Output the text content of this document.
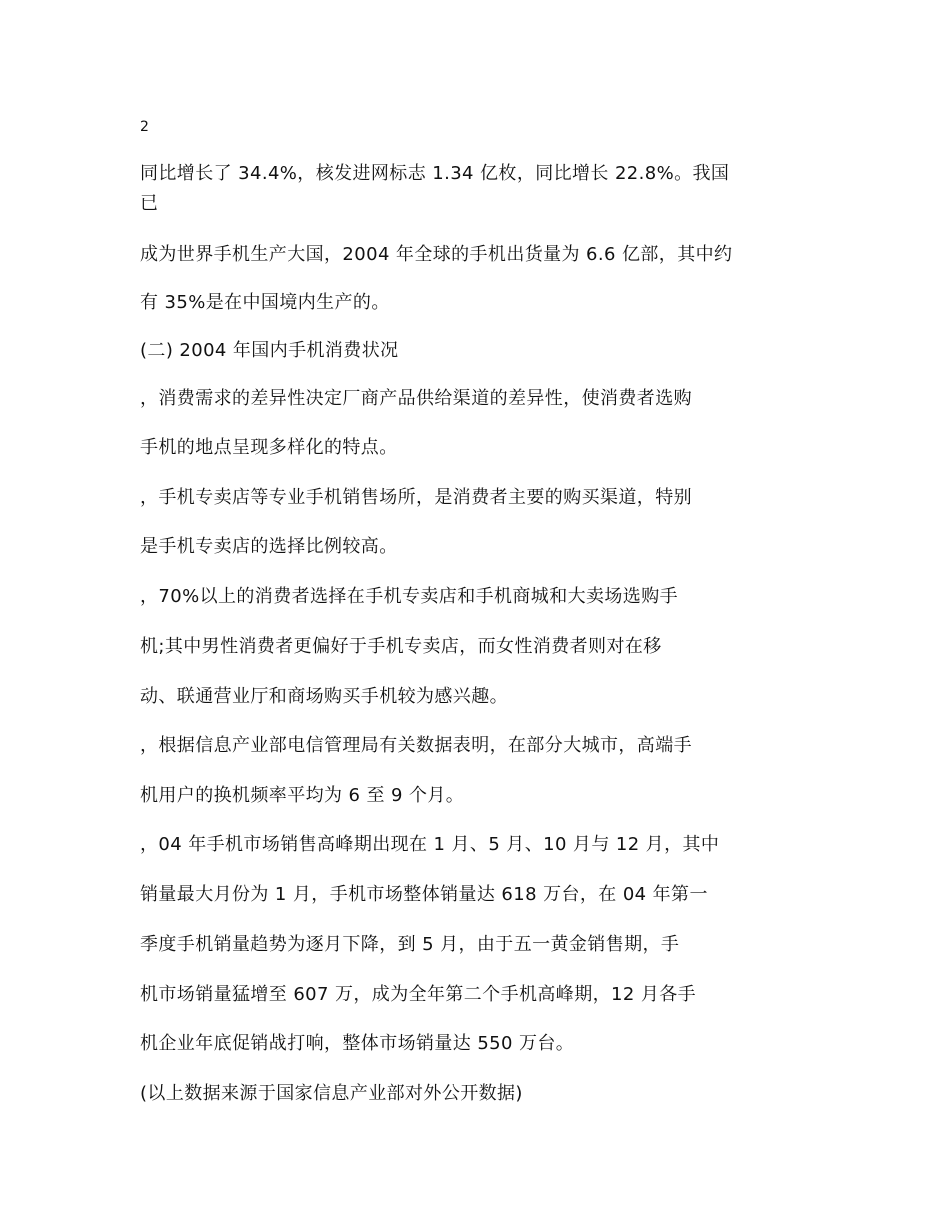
2
同比增长了 34.4%，核发进网标志 1.34 亿枚，同比增长 22.8%。我国
已
成为世界手机生产大国，2004 年全球的手机出货量为 6.6 亿部，其中约
有 35%是在中国境内生产的。
(二) 2004 年国内手机消费状况
，消费需求的差异性决定厂商产品供给渠道的差异性，使消费者选购
手机的地点呈现多样化的特点。
，手机专卖店等专业手机销售场所，是消费者主要的购买渠道，特别
是手机专卖店的选择比例较高。
，70%以上的消费者选择在手机专卖店和手机商城和大卖场选购手
机;其中男性消费者更偏好于手机专卖店，而女性消费者则对在移
动、联通营业厅和商场购买手机较为感兴趣。
，根据信息产业部电信管理局有关数据表明，在部分大城市，高端手
机用户的换机频率平均为 6 至 9 个月。
，04 年手机市场销售高峰期出现在 1 月、5 月、10 月与 12 月，其中
销量最大月份为 1 月，手机市场整体销量达 618 万台，在 04 年第一
季度手机销量趋势为逐月下降，到 5 月，由于五一黄金销售期，手
机市场销量猛增至 607 万，成为全年第二个手机高峰期，12 月各手
机企业年底促销战打响，整体市场销量达 550 万台。
(以上数据来源于国家信息产业部对外公开数据)
